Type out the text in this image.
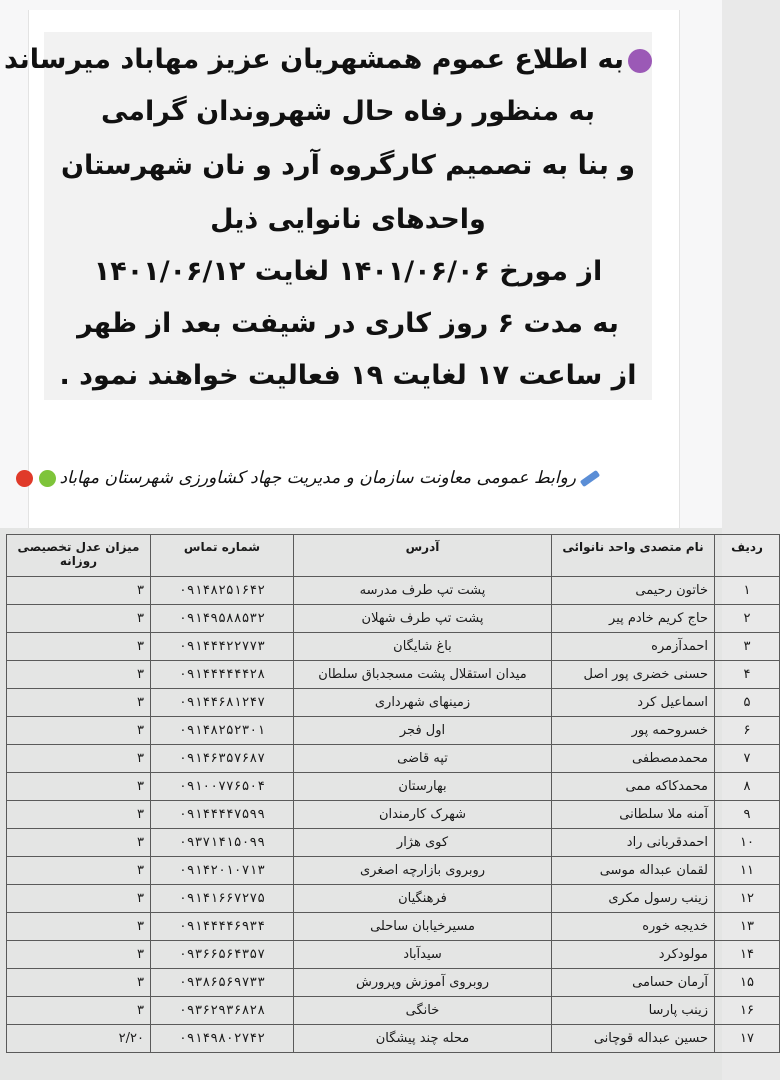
به اطلاع عموم همشهریان عزیز مهاباد میرساند
به منظور رفاه حال شهروندان گرامی
و بنا به تصمیم کارگروه آرد و نان شهرستان
واحدهای نانوایی ذیل
از مورخ ۱۴۰۱/۰۶/۰۶ لغایت ۱۴۰۱/۰۶/۱۲
به مدت ۶ روز کاری در شیفت بعد از ظهر
از ساعت ۱۷ لغایت ۱۹ فعالیت خواهند نمود .
روابط عمومی معاونت سازمان و مدیریت جهاد کشاورزی شهرستان مهاباد
ردیف	نام متصدی واحد نانوائی	آدرس	شماره تماس	میزان عدل تخصیصی روزانه
۱	خاتون رحیمی	پشت تپ طرف مدرسه	۰۹۱۴۸۲۵۱۶۴۲	۳
۲	حاج کریم خادم پیر	پشت تپ طرف شهلان	۰۹۱۴۹۵۸۸۵۳۲	۳
۳	احمدآزمره	باغ شایگان	۰۹۱۴۴۴۲۲۷۷۳	۳
۴	حسنی خضری پور اصل	میدان استقلال پشت مسجدباق سلطان	۰۹۱۴۴۴۴۴۴۲۸	۳
۵	اسماعیل کرد	زمینهای شهرداری	۰۹۱۴۴۶۸۱۲۴۷	۳
۶	خسروحمه پور	اول فجر	۰۹۱۴۸۲۵۲۳۰۱	۳
۷	محمدمصطفی	تپه قاضی	۰۹۱۴۶۳۵۷۶۸۷	۳
۸	محمدکاکه ممی	بهارستان	۰۹۱۰۰۷۷۶۵۰۴	۳
۹	آمنه ملا سلطانی	شهرک کارمندان	۰۹۱۴۴۴۴۷۵۹۹	۳
۱۰	احمدقربانی راد	کوی هژار	۰۹۳۷۱۴۱۵۰۹۹	۳
۱۱	لقمان عبداله موسی	روبروی بازارچه اصغری	۰۹۱۴۲۰۱۰۷۱۳	۳
۱۲	زینب رسول مکری	فرهنگیان	۰۹۱۴۱۶۶۷۲۷۵	۳
۱۳	خدیجه خوره	مسیرخیابان ساحلی	۰۹۱۴۴۴۴۶۹۳۴	۳
۱۴	مولودکرد	سیدآباد	۰۹۳۶۶۵۶۴۳۵۷	۳
۱۵	آرمان حسامی	روبروی آموزش وپرورش	۰۹۳۸۶۵۶۹۷۳۳	۳
۱۶	زینب پارسا	خانگی	۰۹۳۶۲۹۳۶۸۲۸	۳
۱۷	حسین عبداله قوچانی	محله چند پیشگان	۰۹۱۴۹۸۰۲۷۴۲	۲/۲۰
